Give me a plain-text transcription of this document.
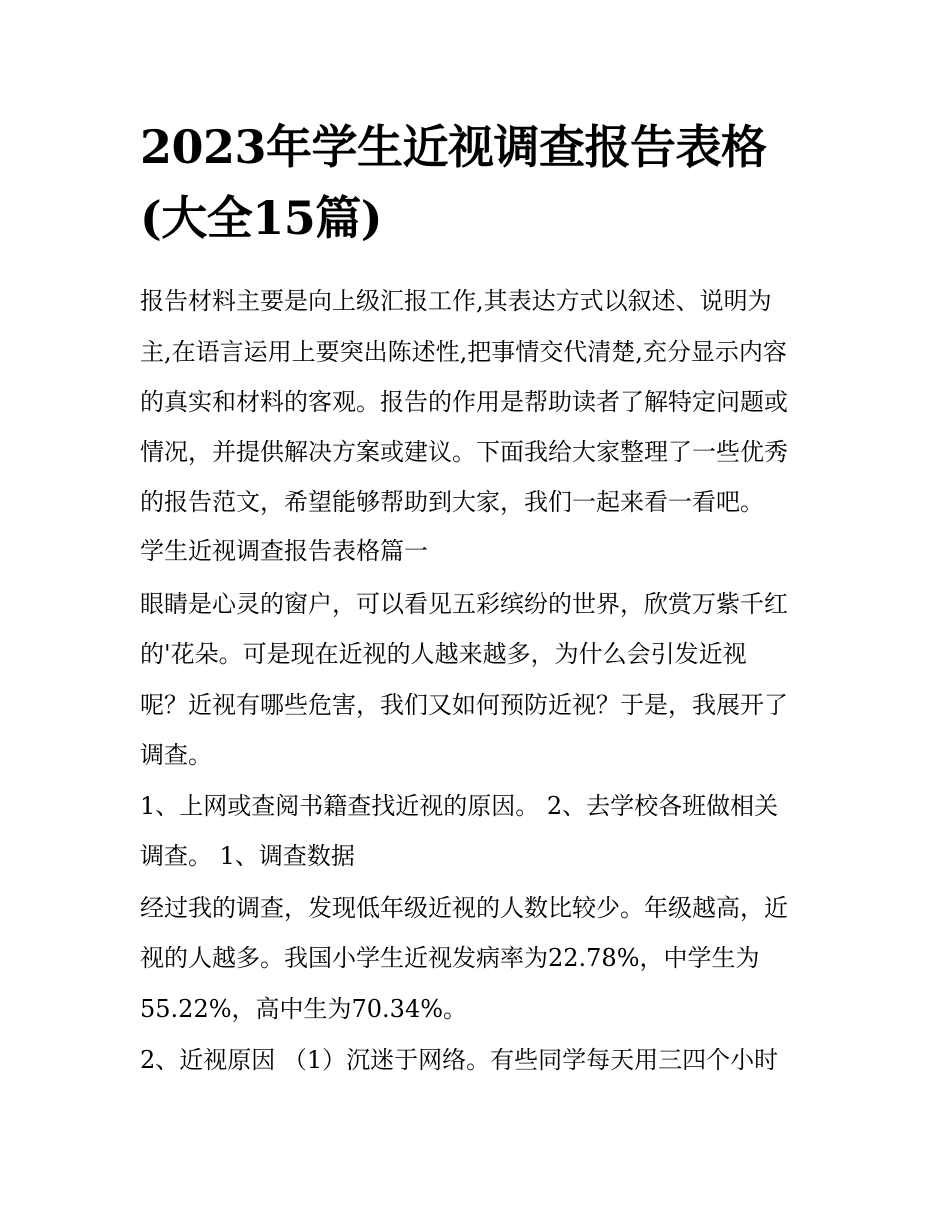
2023年学生近视调查报告表格
(大全15篇)

报告材料主要是向上级汇报工作,其表达方式以叙述、说明为

主,在语言运用上要突出陈述性,把事情交代清楚,充分显示内容

的真实和材料的客观。报告的作用是帮助读者了解特定问题或

情况，并提供解决方案或建议。下面我给大家整理了一些优秀

的报告范文，希望能够帮助到大家，我们一起来看一看吧。

学生近视调查报告表格篇一

眼睛是心灵的窗户，可以看见五彩缤纷的世界，欣赏万紫千红

的'花朵。可是现在近视的人越来越多，为什么会引发近视

呢？近视有哪些危害，我们又如何预防近视？于是，我展开了

调查。

1、上网或查阅书籍查找近视的原因。 2、去学校各班做相关

调查。 1、调查数据

经过我的调查，发现低年级近视的人数比较少。年级越高，近

视的人越多。我国小学生近视发病率为22.78%，中学生为

55.22%，高中生为70.34%。

2、近视原因 （1）沉迷于网络。有些同学每天用三四个小时
